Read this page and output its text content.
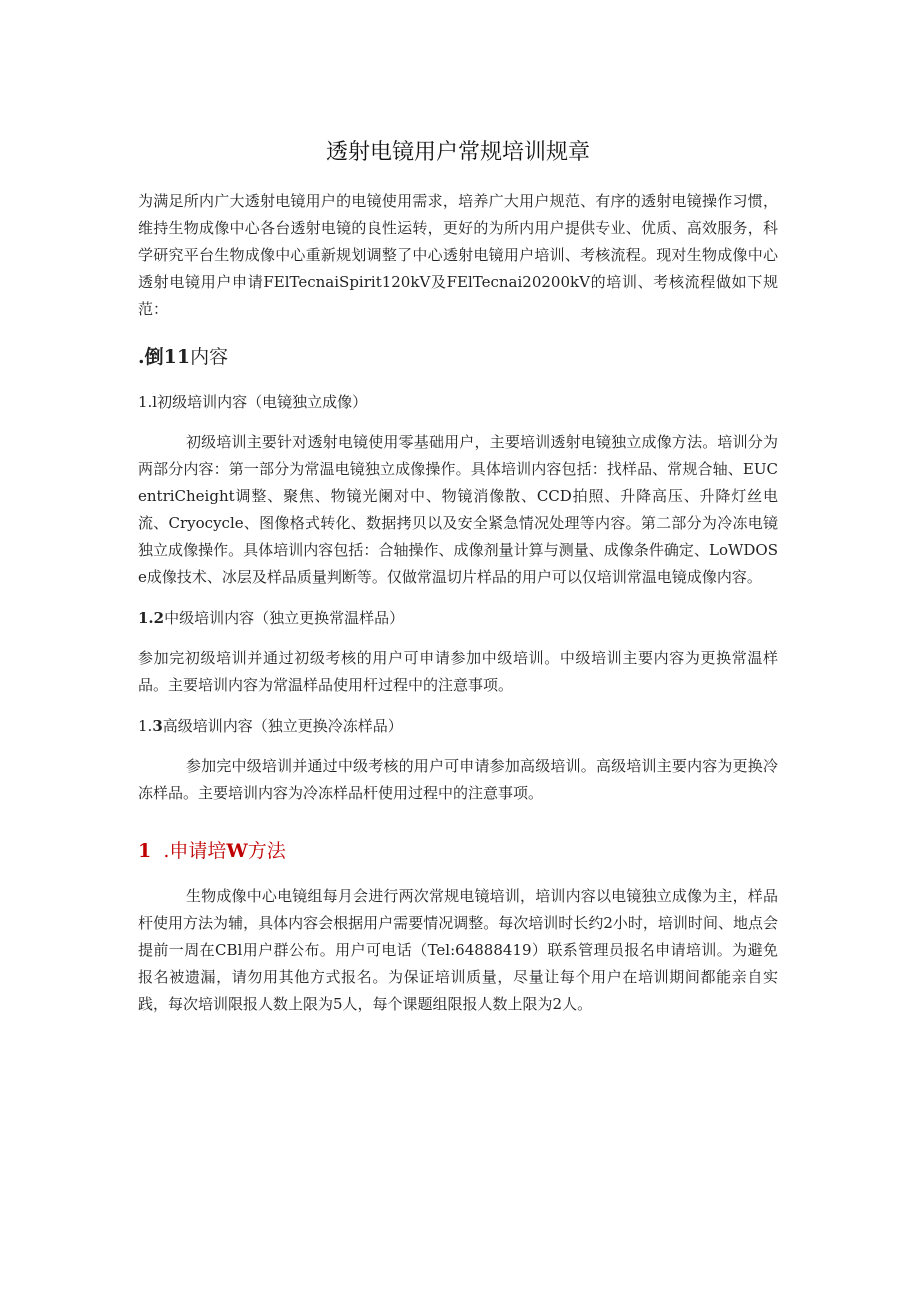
透射电镜用户常规培训规章

为满足所内广大透射电镜用户的电镜使用需求，培养广大用户规范、有序的透射电镜操作习惯，维持生物成像中心各台透射电镜的良性运转，更好的为所内用户提供专业、优质、高效服务，科学研究平台生物成像中心重新规划调整了中心透射电镜用户培训、考核流程。现对生物成像中心透射电镜用户申请FElTecnaiSpirit120kV及FElTecnai20200kV的培训、考核流程做如下规范：

.倒11内容
1.l初级培训内容（电镜独立成像）

初级培训主要针对透射电镜使用零基础用户，主要培训透射电镜独立成像方法。培训分为两部分内容：第一部分为常温电镜独立成像操作。具体培训内容包括：找样品、常规合轴、EUCentriCheight调整、聚焦、物镜光阑对中、物镜消像散、CCD拍照、升降高压、升降灯丝电流、Cryocycle、图像格式转化、数据拷贝以及安全紧急情况处理等内容。第二部分为冷冻电镜独立成像操作。具体培训内容包括：合轴操作、成像剂量计算与测量、成像条件确定、LoWDOSe成像技术、冰层及样品质量判断等。仅做常温切片样品的用户可以仅培训常温电镜成像内容。

1.2中级培训内容（独立更换常温样品）

参加完初级培训并通过初级考核的用户可申请参加中级培训。中级培训主要内容为更换常温样品。主要培训内容为常温样品使用杆过程中的注意事项。

1.3高级培训内容（独立更换冷冻样品）

参加完中级培训并通过中级考核的用户可申请参加高级培训。高级培训主要内容为更换冷冻样品。主要培训内容为冷冻样品杆使用过程中的注意事项。

1 .申请培W方法

生物成像中心电镜组每月会进行两次常规电镜培训，培训内容以电镜独立成像为主，样品杆使用方法为辅，具体内容会根据用户需要情况调整。每次培训时长约2小时，培训时间、地点会提前一周在CBl用户群公布。用户可电话（Tel:64888419）联系管理员报名申请培训。为避免报名被遗漏，请勿用其他方式报名。为保证培训质量，尽量让每个用户在培训期间都能亲自实践，每次培训限报人数上限为5人，每个课题组限报人数上限为2人。
